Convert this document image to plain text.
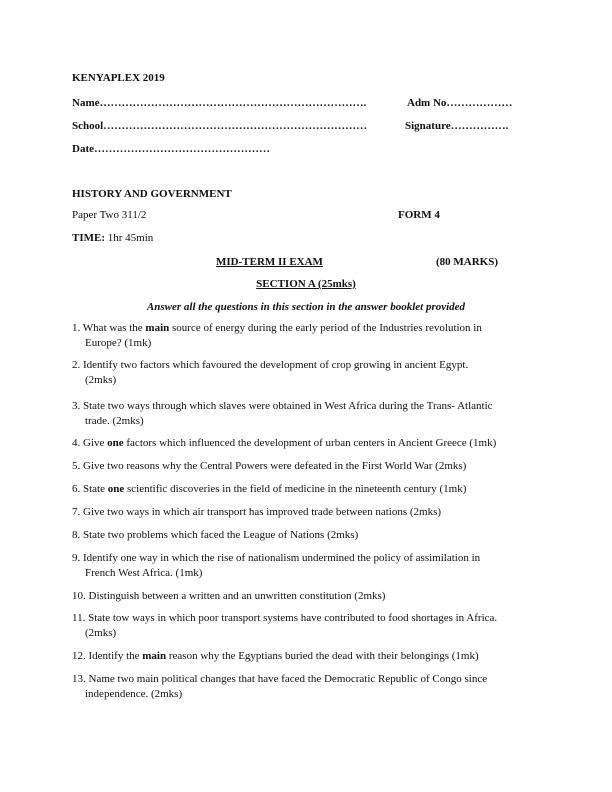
KENYAPLEX 2019
Name……………………………………………………………….	Adm No………………
School………………………………………………………………	Signature…………….
Date…………………………………………
HISTORY AND GOVERNMENT
Paper Two 311/2	FORM 4
TIME: 1hr 45min
MID-TERM II EXAM	(80 MARKS)
SECTION A (25mks)
Answer all the questions in this section in the answer booklet provided
1. What was the main source of energy during the early period of the Industries revolution in
Europe? (1mk)
2. Identify two factors which favoured the development of crop growing in ancient Egypt.
(2mks)
3. State two ways through which slaves were obtained in West Africa during the Trans- Atlantic
trade. (2mks)
4. Give one factors which influenced the development of urban centers in Ancient Greece (1mk)
5. Give two reasons why the Central Powers were defeated in the First World War (2mks)
6. State one scientific discoveries in the field of medicine in the nineteenth century (1mk)
7. Give two ways in which air transport has improved trade between nations (2mks)
8. State two problems which faced the League of Nations (2mks)
9. Identify one way in which the rise of nationalism undermined the policy of assimilation in
French West Africa. (1mk)
10. Distinguish between a written and an unwritten constitution (2mks)
11. State tow ways in which poor transport systems have contributed to food shortages in Africa.
(2mks)
12. Identify the main reason why the Egyptians buried the dead with their belongings (1mk)
13. Name two main political changes that have faced the Democratic Republic of Congo since
independence. (2mks)
